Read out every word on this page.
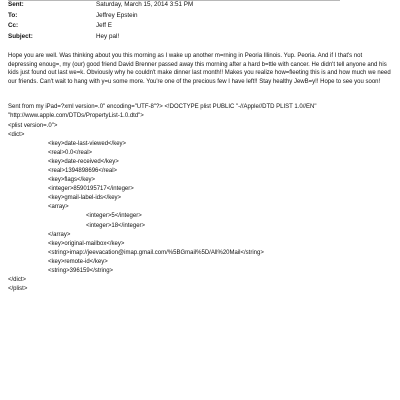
Sent:	Saturday, March 15, 2014 3:51 PM
To:	Jeffrey Epstein
Cc:	Jeff E
Subject:	Hey pal!

Hope you are well. Was thinking about you this morning as I wake up another m=rning in Peoria Illinois. Yup. Peoria. And if I that's not depressing enoug=, my (our) good friend David Brenner passed away this morning after a hard b=ttle with cancer. He didn't tell anyone and his kids just found out last we=k. Obviously why he couldn't make dinner last month!! Makes you realize how=fleeting this is and how much we need our friends. Can't wait to hang with y=u some more. You're one of the precious few I have left!! Stay healthy JewB=y!! Hope to see you soon!

Sent from my iPad=?xml version=.0" encoding="UTF-8"?> <!DOCTYPE plist PUBLIC "-//Apple//DTD PLIST 1.0//EN" "http://www.apple.com/DTDs/PropertyList-1.0.dtd">

<plist version=.0">
<dict>
<key>date-last-viewed</key>
<real>0.0</real>
<key>date-received</key>
<real>1394898696</real>
<key>flags</key>
<integer>8590195717</integer>
<key>gmail-label-ids</key>
<array>
<integer>5</integer>
<integer>18</integer>
</array>
<key>original-mailbox</key>
<string>imap://jeevacation@imap.gmail.com/%5BGmail%5D/All%20Mail</string>
<key>remote-id</key>
<string>396159</string>
</dict>
</plist>
